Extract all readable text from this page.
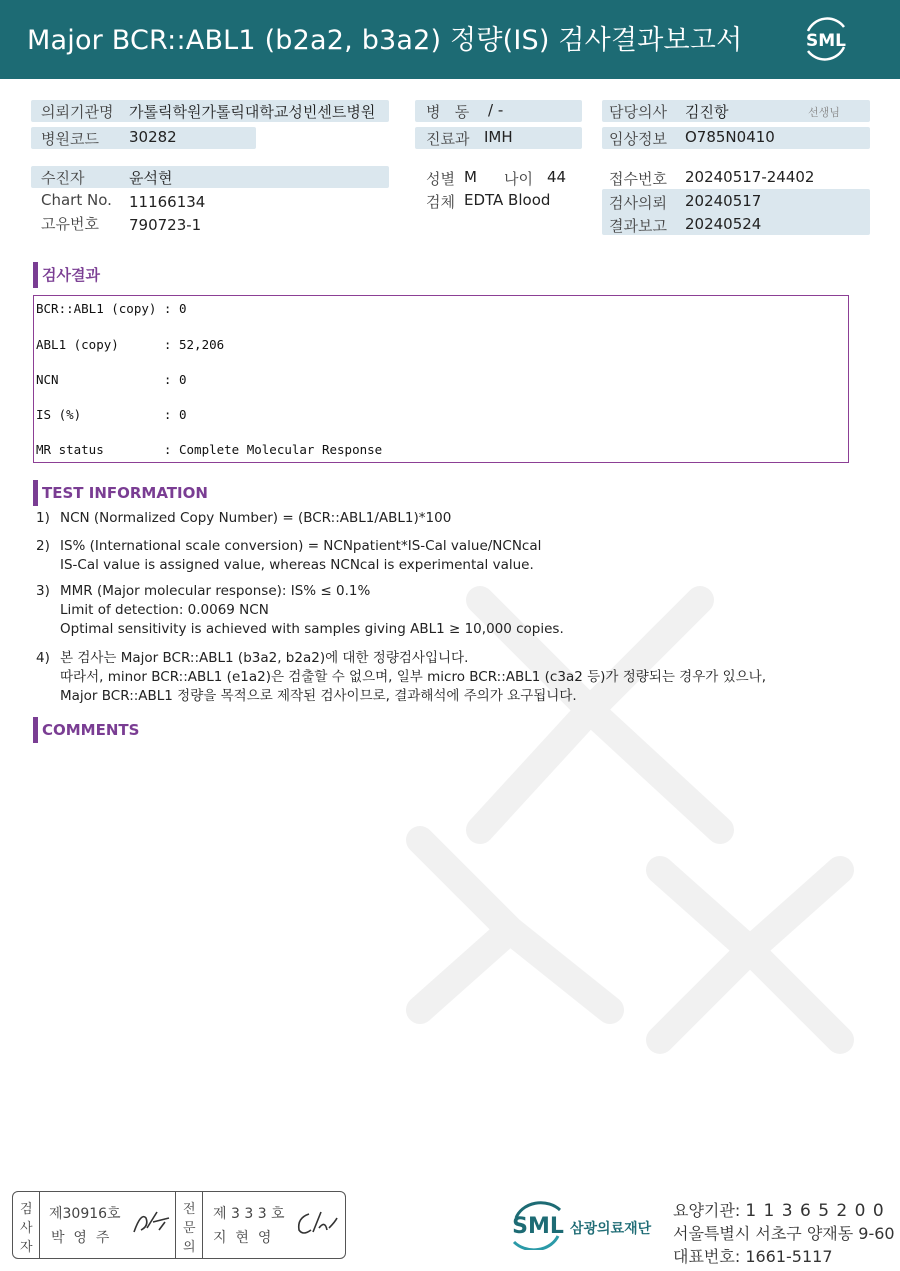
Major BCR::ABL1 (b2a2, b3a2) 정량(IS) 검사결과보고서	SML
의뢰기관명 가톨릭학원가톨릭대학교성빈센트병원
병원코드 30282
병   동 / -
진료과 IMH
담당의사 김진항	선생님
임상정보 O785N0410
수진자	윤석현
Chart No. 11166134
고유번호 790723-1
성별 M 나이 44
검체 EDTA Blood
접수번호 20240517-24402
검사의뢰 20240517
결과보고 20240524
검사결과
BCR::ABL1 (copy) : 0
ABL1 (copy)      : 52,206
NCN              : 0
IS (%)           : 0
MR status        : Complete Molecular Response
TEST INFORMATION
1) NCN (Normalized Copy Number) = (BCR::ABL1/ABL1)*100
2) IS% (International scale conversion) = NCNpatient*IS-Cal value/NCNcal
IS-Cal value is assigned value, whereas NCNcal is experimental value.
3) MMR (Major molecular response): IS% ≤ 0.1%
Limit of detection: 0.0069 NCN
Optimal sensitivity is achieved with samples giving ABL1 ≥ 10,000 copies.
4) 본 검사는 Major BCR::ABL1 (b3a2, b2a2)에 대한 정량검사입니다.
따라서, minor BCR::ABL1 (e1a2)은 검출할 수 없으며, 일부 micro BCR::ABL1 (c3a2 등)가 정량되는 경우가 있으나,
Major BCR::ABL1 정량을 목적으로 제작된 검사이므로, 결과해석에 주의가 요구됩니다.
COMMENTS
검
사
자
제30916호
박  영  주
전
문
의
제 3 3 3 호
지  현  영	SML 삼광의료재단
요양기관: 1 1 3 6 5 2 0 0
서울특별시 서초구 양재동 9-60
대표번호: 1661-5117
